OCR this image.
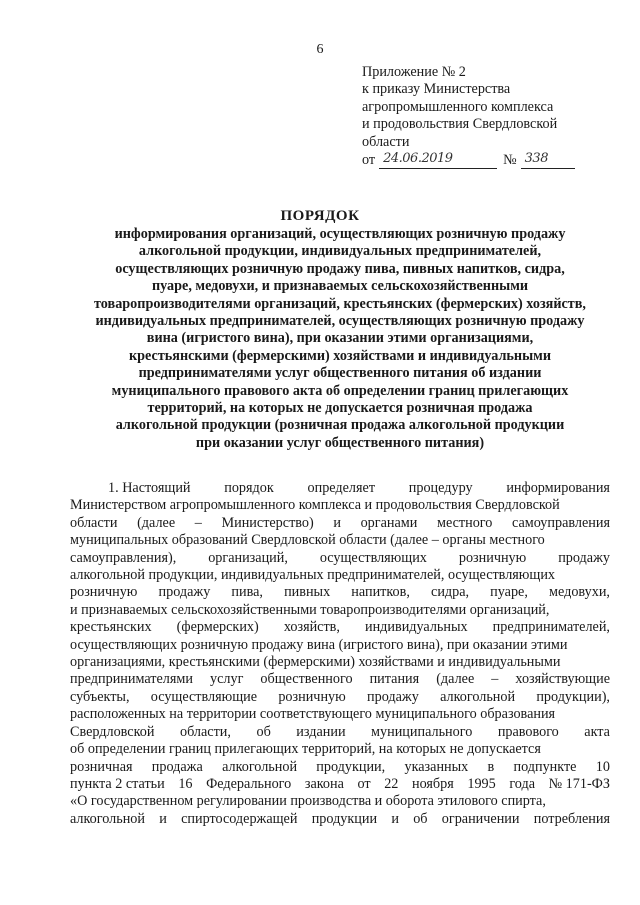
6
Приложение № 2
к приказу Министерства
агропромышленного комплекса
и продовольствия Свердловской
области
от 24.06.2019	№ 338
ПОРЯДОК
информирования организаций, осуществляющих розничную продажу
алкогольной продукции, индивидуальных предпринимателей,
осуществляющих розничную продажу пива, пивных напитков, сидра,
пуаре, медовухи, и признаваемых сельскохозяйственными
товаропроизводителями организаций, крестьянских (фермерских) хозяйств,
индивидуальных предпринимателей, осуществляющих розничную продажу
вина (игристого вина), при оказании этими организациями,
крестьянскими (фермерскими) хозяйствами и индивидуальными
предпринимателями услуг общественного питания об издании
муниципального правового акта об определении границ прилегающих
территорий, на которых не допускается розничная продажа
алкогольной продукции (розничная продажа алкогольной продукции
при оказании услуг общественного питания)
1. Настоящий порядок определяет процедуру информирования
Министерством агропромышленного комплекса и продовольствия Свердловской
области (далее – Министерство) и органами местного самоуправления
муниципальных образований Свердловской области (далее – органы местного
самоуправления), организаций, осуществляющих розничную продажу
алкогольной продукции, индивидуальных предпринимателей, осуществляющих
розничную продажу пива, пивных напитков, сидра, пуаре, медовухи,
и признаваемых сельскохозяйственными товаропроизводителями организаций,
крестьянских (фермерских) хозяйств, индивидуальных предпринимателей,
осуществляющих розничную продажу вина (игристого вина), при оказании этими
организациями, крестьянскими (фермерскими) хозяйствами и индивидуальными
предпринимателями услуг общественного питания (далее – хозяйствующие
субъекты, осуществляющие розничную продажу алкогольной продукции),
расположенных на территории соответствующего муниципального образования
Свердловской области, об издании муниципального правового акта
об определении границ прилегающих территорий, на которых не допускается
розничная продажа алкогольной продукции, указанных в подпункте 10
пункта 2 статьи 16 Федерального закона от 22 ноября 1995 года № 171-ФЗ
«О государственном регулировании производства и оборота этилового спирта,
алкогольной и спиртосодержащей продукции и об ограничении потребления
